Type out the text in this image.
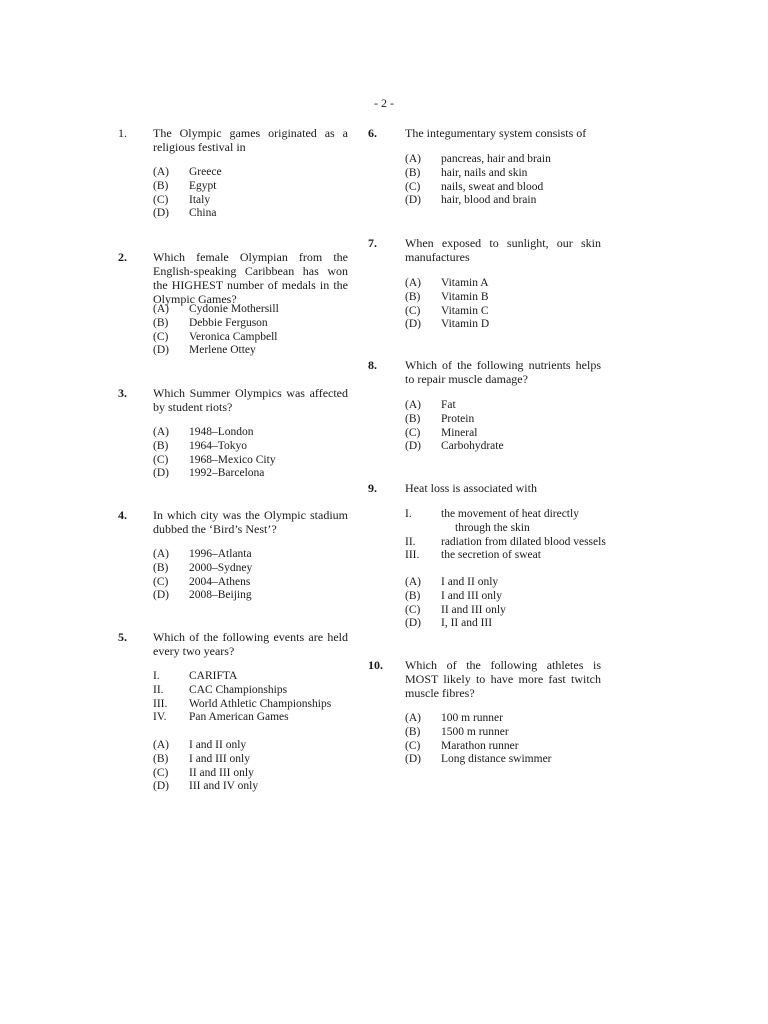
- 2 -
1. The Olympic games originated as a religious festival in
(A)	Greece
(B)	Egypt
(C)	Italy
(D)	China
2. Which female Olympian from the English-speaking Caribbean has won the HIGHEST number of medals in the Olympic Games?
(A)	Cydonie Mothersill
(B)	Debbie Ferguson
(C)	Veronica Campbell
(D)	Merlene Ottey
3. Which Summer Olympics was affected by student riots?
(A)	1948–London
(B)	1964–Tokyo
(C)	1968–Mexico City
(D)	1992–Barcelona
4. In which city was the Olympic stadium dubbed the ‘Bird’s Nest’?
(A)	1996–Atlanta
(B)	2000–Sydney
(C)	2004–Athens
(D)	2008–Beijing
5. Which of the following events are held every two years?
I.	CARIFTA
II.	CAC Championships
III.	World Athletic Championships
IV.	Pan American Games
(A)	I and II only
(B)	I and III only
(C)	II and III only
(D)	III and IV only
6. The integumentary system consists of
(A)	pancreas, hair and brain
(B)	hair, nails and skin
(C)	nails, sweat and blood
(D)	hair, blood and brain
7. When exposed to sunlight, our skin manufactures
(A)	Vitamin A
(B)	Vitamin B
(C)	Vitamin C
(D)	Vitamin D
8. Which of the following nutrients helps to repair muscle damage?
(A)	Fat
(B)	Protein
(C)	Mineral
(D)	Carbohydrate
9. Heat loss is associated with
I.	the movement of heat directly
through the skin
II.	radiation from dilated blood vessels
III.	the secretion of sweat
(A)	I and II only
(B)	I and III only
(C)	II and III only
(D)	I, II and III
10. Which of the following athletes is MOST likely to have more fast twitch muscle fibres?
(A)	100 m runner
(B)	1500 m runner
(C)	Marathon runner
(D)	Long distance swimmer
